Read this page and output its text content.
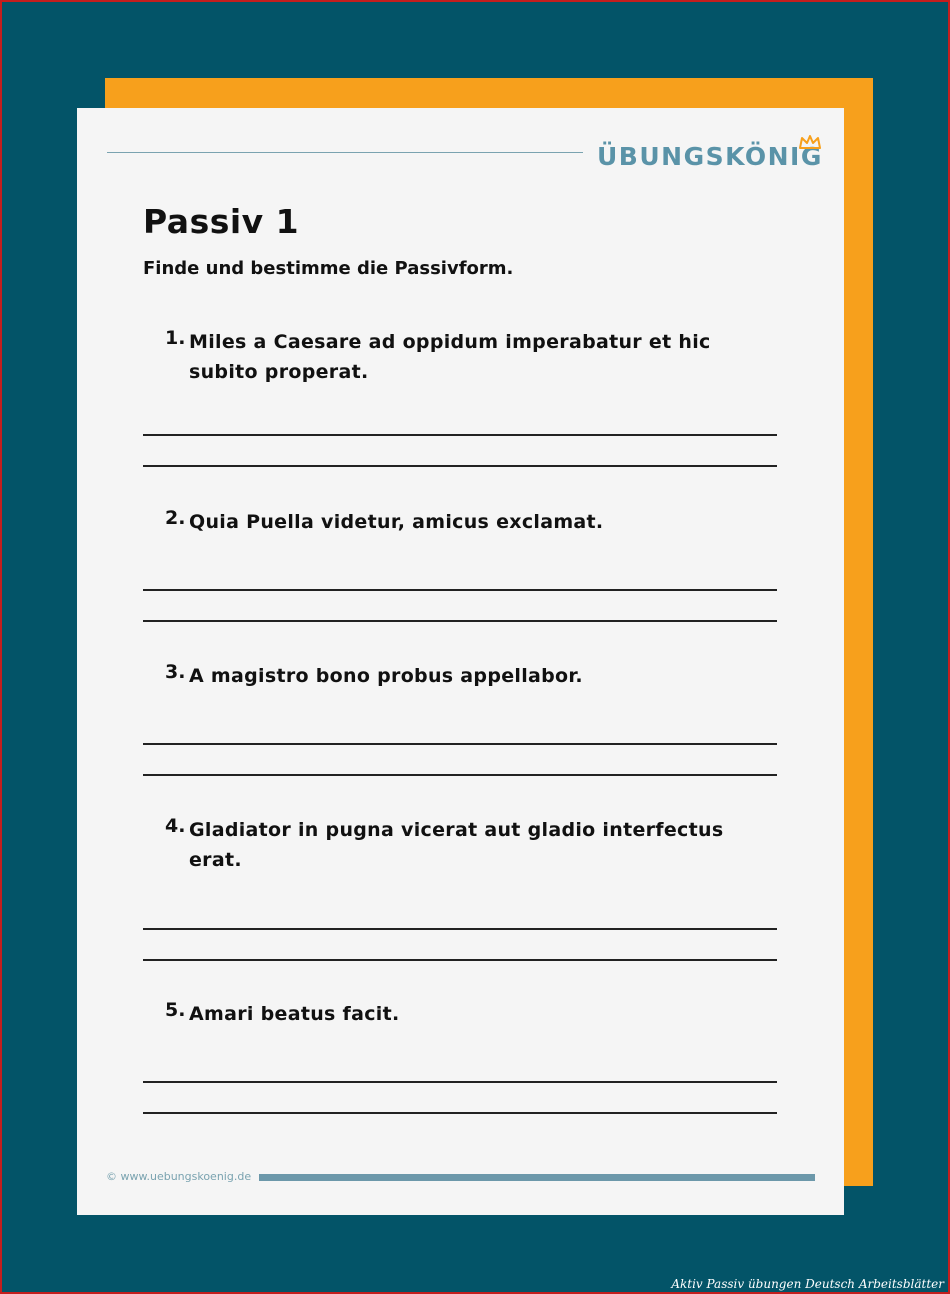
ÜBUNGSKÖNIG
Passiv 1
Finde und bestimme die Passivform.
1. Miles a Caesare ad oppidum imperabatur et hic subito properat.
2. Quia Puella videtur, amicus exclamat.
3. A magistro bono probus appellabor.
4. Gladiator in pugna vicerat aut gladio interfectus erat.
5. Amari beatus facit.
© www.uebungskoenig.de
Aktiv Passiv übungen Deutsch Arbeitsblätter
